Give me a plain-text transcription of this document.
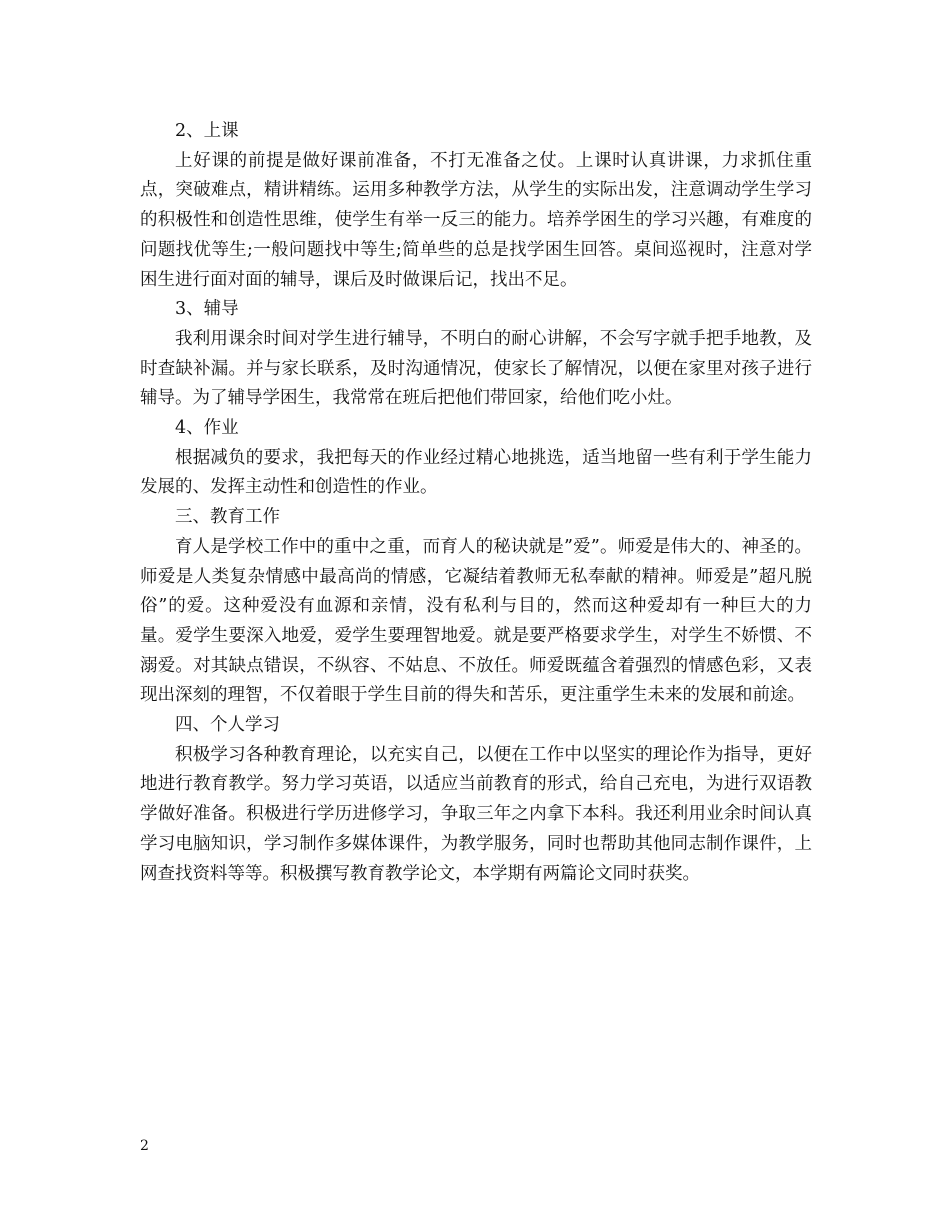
2、上课

上好课的前提是做好课前准备，不打无准备之仗。上课时认真讲课，力求抓住重点，突破难点，精讲精练。运用多种教学方法，从学生的实际出发，注意调动学生学习的积极性和创造性思维，使学生有举一反三的能力。培养学困生的学习兴趣，有难度的问题找优等生;一般问题找中等生;简单些的总是找学困生回答。桌间巡视时，注意对学困生进行面对面的辅导，课后及时做课后记，找出不足。

3、辅导

我利用课余时间对学生进行辅导，不明白的耐心讲解，不会写字就手把手地教，及时查缺补漏。并与家长联系，及时沟通情况，使家长了解情况，以便在家里对孩子进行辅导。为了辅导学困生，我常常在班后把他们带回家，给他们吃小灶。

4、作业

根据减负的要求，我把每天的作业经过精心地挑选，适当地留一些有利于学生能力发展的、发挥主动性和创造性的作业。

三、教育工作

育人是学校工作中的重中之重，而育人的秘诀就是”爱”。师爱是伟大的、神圣的。师爱是人类复杂情感中最高尚的情感，它凝结着教师无私奉献的精神。师爱是”超凡脱俗”的爱。这种爱没有血源和亲情，没有私利与目的，然而这种爱却有一种巨大的力量。爱学生要深入地爱，爱学生要理智地爱。就是要严格要求学生，对学生不娇惯、不溺爱。对其缺点错误，不纵容、不姑息、不放任。师爱既蕴含着强烈的情感色彩，又表现出深刻的理智，不仅着眼于学生目前的得失和苦乐，更注重学生未来的发展和前途。

四、个人学习

积极学习各种教育理论，以充实自己，以便在工作中以坚实的理论作为指导，更好地进行教育教学。努力学习英语，以适应当前教育的形式，给自己充电，为进行双语教学做好准备。积极进行学历进修学习，争取三年之内拿下本科。我还利用业余时间认真学习电脑知识，学习制作多媒体课件，为教学服务，同时也帮助其他同志制作课件，上网查找资料等等。积极撰写教育教学论文，本学期有两篇论文同时获奖。

2
